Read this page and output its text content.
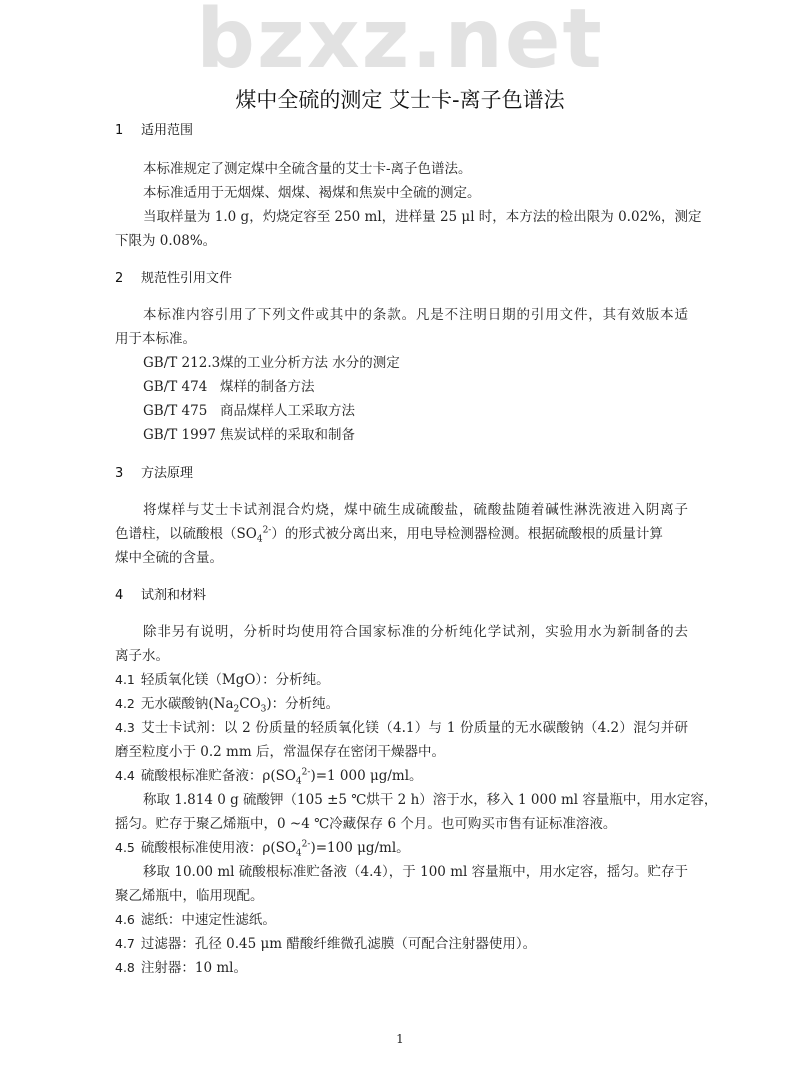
bzxz.net
煤中全硫的测定 艾士卡-离子色谱法
1 适用范围
本标准规定了测定煤中全硫含量的艾士卡-离子色谱法。
本标准适用于无烟煤、烟煤、褐煤和焦炭中全硫的测定。
当取样量为 1.0 g，灼烧定容至 250 ml，进样量 25 μl 时，本方法的检出限为 0.02%，测定
下限为 0.08%。
2 规范性引用文件
本标准内容引用了下列文件或其中的条款。凡是不注明日期的引用文件，其有效版本适
用于本标准。
GB/T 212.3煤的工业分析方法 水分的测定
GB/T 474 煤样的制备方法
GB/T 475 商品煤样人工采取方法
GB/T 1997 焦炭试样的采取和制备
3 方法原理
将煤样与艾士卡试剂混合灼烧，煤中硫生成硫酸盐，硫酸盐随着碱性淋洗液进入阴离子
色谱柱，以硫酸根$(SO_4^{2-})$的形式被分离出来，用电导检测器检测。根据硫酸根的质量计算
煤中全硫的含量。
4 试剂和材料
除非另有说明，分析时均使用符合国家标准的分析纯化学试剂，实验用水为新制备的去
离子水。
4.1 轻质氧化镁（MgO）：分析纯。
4.2 无水碳酸钠$(Na_2CO_3)$：分析纯。
4.3 艾士卡试剂：以 2 份质量的轻质氧化镁（4.1）与 1 份质量的无水碳酸钠（4.2）混匀并研
磨至粒度小于 0.2 mm 后，常温保存在密闭干燥器中。
4.4 硫酸根标准贮备液：$\rho(SO_4^{2-})=1$ 000 μg/ml。
称取 1.814 0 g 硫酸钾（105 ±5 ℃烘干 2 h）溶于水，移入 1 000 ml 容量瓶中，用水定容，
摇匀。贮存于聚乙烯瓶中，0 ~4 ℃冷藏保存 6 个月。也可购买市售有证标准溶液。
4.5 硫酸根标准使用液：$\rho(SO_4^{2-})=100$ μg/ml。
移取 10.00 ml 硫酸根标准贮备液（4.4），于 100 ml 容量瓶中，用水定容，摇匀。贮存于
聚乙烯瓶中，临用现配。
4.6 滤纸：中速定性滤纸。
4.7 过滤器：孔径 0.45 μm 醋酸纤维微孔滤膜（可配合注射器使用）。
4.8 注射器：10 ml。
1
